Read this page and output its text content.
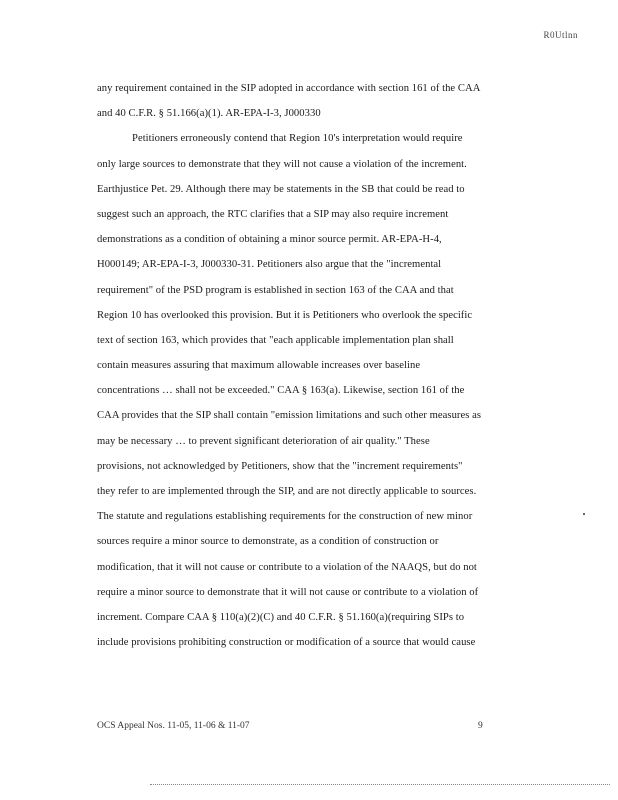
R0Utlnn
any requirement contained in the SIP adopted in accordance with section 161 of the CAA
and 40 C.F.R. § 51.166(a)(1). AR-EPA-I-3, J000330
Petitioners erroneously contend that Region 10's interpretation would require
only large sources to demonstrate that they will not cause a violation of the increment.
Earthjustice Pet. 29. Although there may be statements in the SB that could be read to
suggest such an approach, the RTC clarifies that a SIP may also require increment
demonstrations as a condition of obtaining a minor source permit. AR-EPA-H-4,
H000149; AR-EPA-I-3, J000330-31. Petitioners also argue that the "incremental
requirement" of the PSD program is established in section 163 of the CAA and that
Region 10 has overlooked this provision. But it is Petitioners who overlook the specific
text of section 163, which provides that "each applicable implementation plan shall
contain measures assuring that maximum allowable increases over baseline
concentrations … shall not be exceeded." CAA § 163(a). Likewise, section 161 of the
CAA provides that the SIP shall contain "emission limitations and such other measures as
may be necessary … to prevent significant deterioration of air quality." These
provisions, not acknowledged by Petitioners, show that the "increment requirements"
they refer to are implemented through the SIP, and are not directly applicable to sources.
The statute and regulations establishing requirements for the construction of new minor
sources require a minor source to demonstrate, as a condition of construction or
modification, that it will not cause or contribute to a violation of the NAAQS, but do not
require a minor source to demonstrate that it will not cause or contribute to a violation of
increment. Compare CAA § 110(a)(2)(C) and 40 C.F.R. § 51.160(a)(requiring SIPs to
include provisions prohibiting construction or modification of a source that would cause
OCS Appeal Nos. 11-05, 11-06 & 11-07	9
